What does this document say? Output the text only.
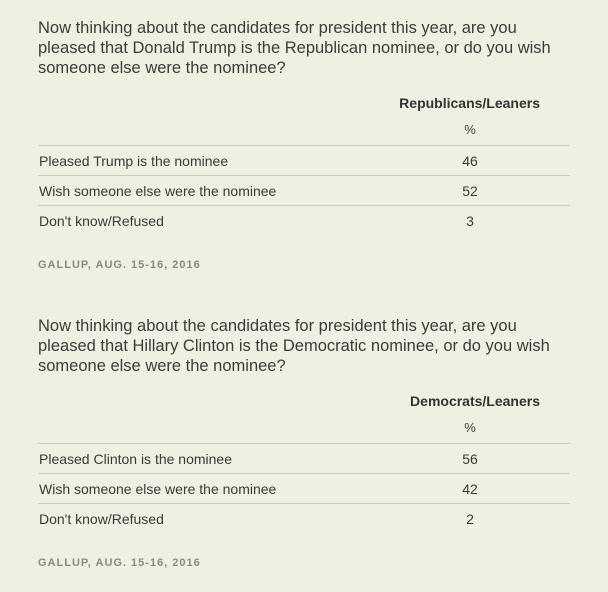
Now thinking about the candidates for president this year, are you pleased that Donald Trump is the Republican nominee, or do you wish someone else were the nominee?

Republicans/Leaners
%
Pleased Trump is the nominee	46
Wish someone else were the nominee	52
Don't know/Refused	3
GALLUP, AUG. 15-16, 2016

Now thinking about the candidates for president this year, are you pleased that Hillary Clinton is the Democratic nominee, or do you wish someone else were the nominee?

Democrats/Leaners
%
Pleased Clinton is the nominee	56
Wish someone else were the nominee	42
Don't know/Refused	2
GALLUP, AUG. 15-16, 2016
